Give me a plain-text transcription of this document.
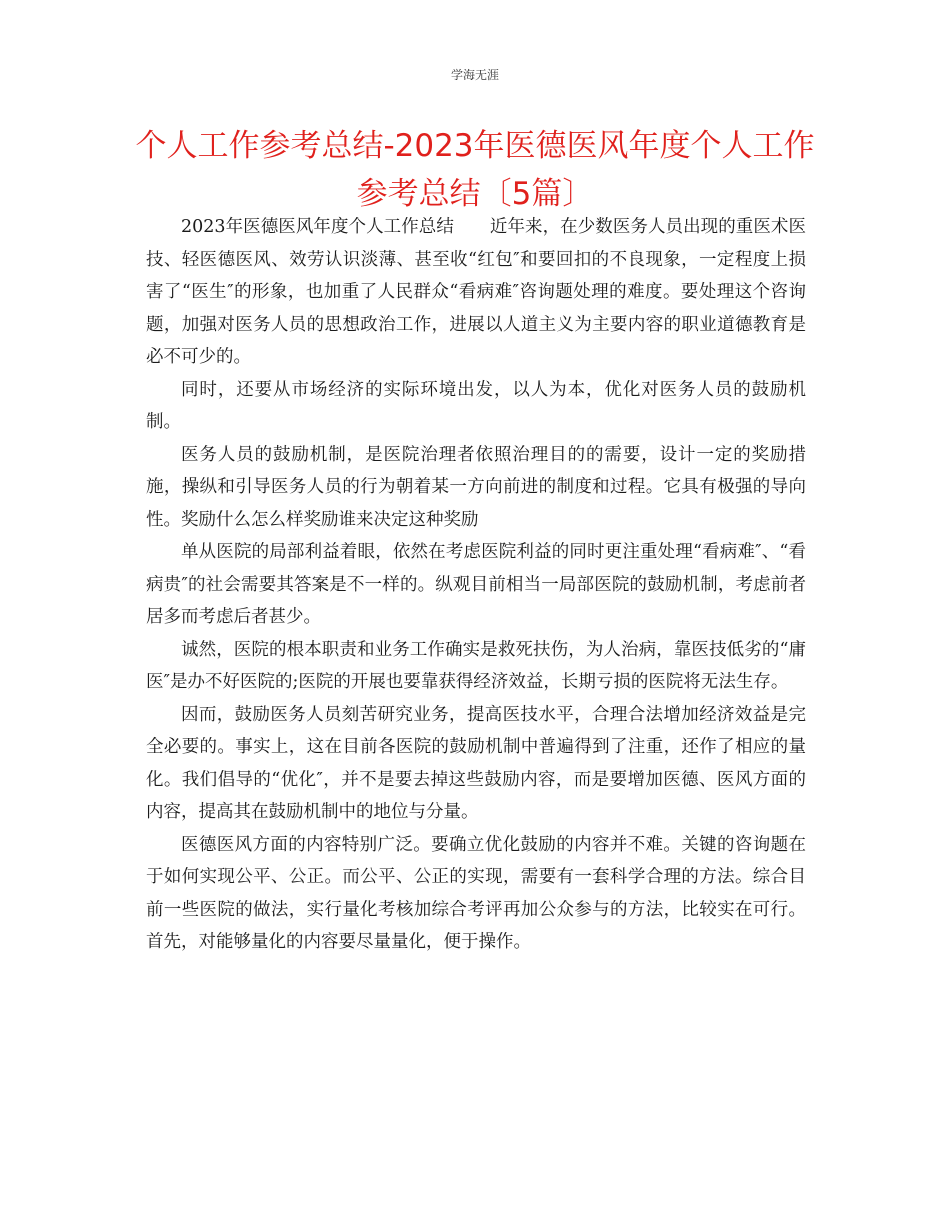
学海无涯
个人工作参考总结-2023年医德医风年度个人工作参考总结〔5篇〕

2023年医德医风年度个人工作总结 近年来，在少数医务人员出现的重医术医技、轻医德医风、效劳认识淡薄、甚至收“红包″和要回扣的不良现象，一定程度上损害了“医生″的形象，也加重了人民群众“看病难″咨询题处理的难度。要处理这个咨询题，加强对医务人员的思想政治工作，进展以人道主义为主要内容的职业道德教育是必不可少的。

同时，还要从市场经济的实际环境出发，以人为本，优化对医务人员的鼓励机制。

医务人员的鼓励机制，是医院治理者依照治理目的的需要，设计一定的奖励措施，操纵和引导医务人员的行为朝着某一方向前进的制度和过程。它具有极强的导向性。奖励什么怎么样奖励谁来决定这种奖励

单从医院的局部利益着眼，依然在考虑医院利益的同时更注重处理“看病难″、“看病贵″的社会需要其答案是不一样的。纵观目前相当一局部医院的鼓励机制，考虑前者居多而考虑后者甚少。

诚然，医院的根本职责和业务工作确实是救死扶伤，为人治病，靠医技低劣的“庸医″是办不好医院的;医院的开展也要靠获得经济效益，长期亏损的医院将无法生存。

因而，鼓励医务人员刻苦研究业务，提高医技水平，合理合法增加经济效益是完全必要的。事实上，这在目前各医院的鼓励机制中普遍得到了注重，还作了相应的量化。我们倡导的“优化″，并不是要去掉这些鼓励内容，而是要增加医德、医风方面的内容，提高其在鼓励机制中的地位与分量。

医德医风方面的内容特别广泛。要确立优化鼓励的内容并不难。关键的咨询题在于如何实现公平、公正。而公平、公正的实现，需要有一套科学合理的方法。综合目前一些医院的做法，实行量化考核加综合考评再加公众参与的方法，比较实在可行。首先，对能够量化的内容要尽量量化，便于操作。
